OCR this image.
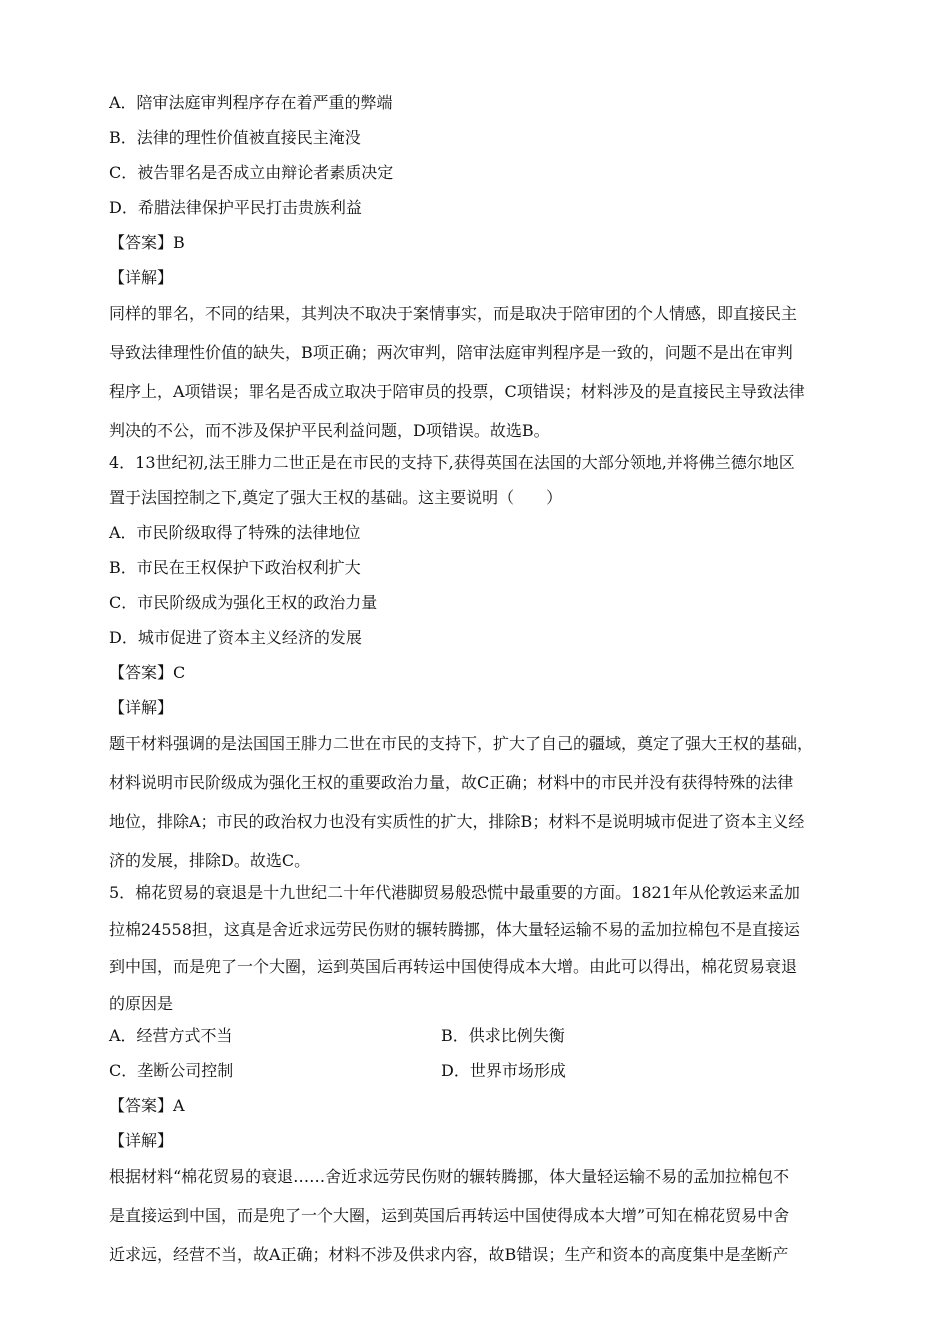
A．陪审法庭审判程序存在着严重的弊端
B．法律的理性价值被直接民主淹没
C．被告罪名是否成立由辩论者素质决定
D．希腊法律保护平民打击贵族利益
【答案】B
【详解】
同样的罪名，不同的结果，其判决不取决于案情事实，而是取决于陪审团的个人情感，即直接民主
导致法律理性价值的缺失，B项正确；两次审判，陪审法庭审判程序是一致的，问题不是出在审判
程序上，A项错误；罪名是否成立取决于陪审员的投票，C项错误；材料涉及的是直接民主导致法律
判决的不公，而不涉及保护平民利益问题，D项错误。故选B。
4．13世纪初,法王腓力二世正是在市民的支持下,获得英国在法国的大部分领地,并将佛兰德尔地区
置于法国控制之下,奠定了强大王权的基础。这主要说明（　　）
A．市民阶级取得了特殊的法律地位
B．市民在王权保护下政治权利扩大
C．市民阶级成为强化王权的政治力量
D．城市促进了资本主义经济的发展
【答案】C
【详解】
题干材料强调的是法国国王腓力二世在市民的支持下，扩大了自己的疆域，奠定了强大王权的基础，
材料说明市民阶级成为强化王权的重要政治力量，故C正确；材料中的市民并没有获得特殊的法律
地位，排除A；市民的政治权力也没有实质性的扩大，排除B；材料不是说明城市促进了资本主义经
济的发展，排除D。故选C。
5．棉花贸易的衰退是十九世纪二十年代港脚贸易般恐慌中最重要的方面。1821年从伦敦运来孟加
拉棉24558担，这真是舍近求远劳民伤财的辗转腾挪，体大量轻运输不易的孟加拉棉包不是直接运
到中国，而是兜了一个大圈，运到英国后再转运中国使得成本大增。由此可以得出，棉花贸易衰退
的原因是
A．经营方式不当	B．供求比例失衡
C．垄断公司控制	D．世界市场形成
【答案】A
【详解】
根据材料“棉花贸易的衰退……舍近求远劳民伤财的辗转腾挪，体大量轻运输不易的孟加拉棉包不
是直接运到中国，而是兜了一个大圈，运到英国后再转运中国使得成本大增”可知在棉花贸易中舍
近求远，经营不当，故A正确；材料不涉及供求内容，故B错误；生产和资本的高度集中是垄断产
